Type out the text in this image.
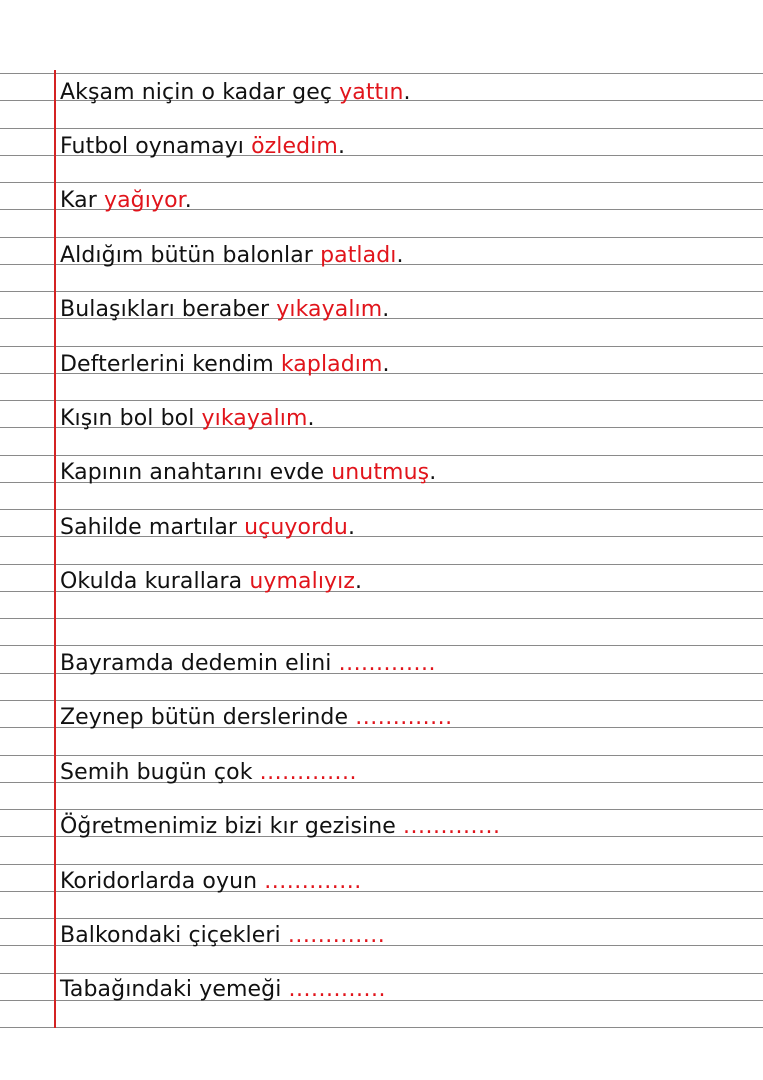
Akşam niçin o kadar geç yattın.
Futbol oynamayı özledim.
Kar yağıyor.
Aldığım bütün balonlar patladı.
Bulaşıkları beraber yıkayalım.
Defterlerini kendim kapladım.
Kışın bol bol yıkayalım.
Kapının anahtarını evde unutmuş.
Sahilde martılar uçuyordu.
Okulda kurallara uymalıyız.
Bayramda dedemin elini .............
Zeynep bütün derslerinde .............
Semih bugün çok .............
Öğretmenimiz bizi kır gezisine .............
Koridorlarda oyun .............
Balkondaki çiçekleri .............
Tabağındaki yemeği .............
